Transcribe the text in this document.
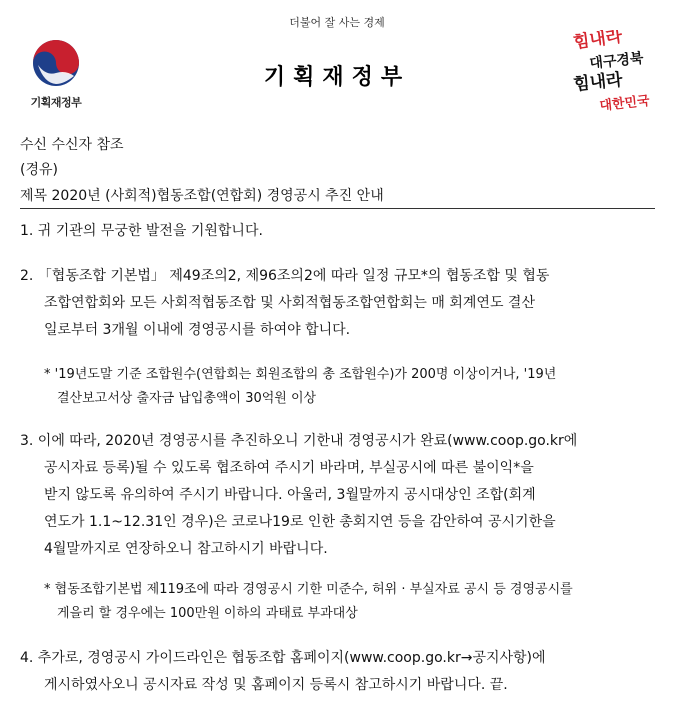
더불어 잘 사는 경제
기획재정부
기획재정부
힘내라
대구경북
힘내라
대한민국
수신 수신자 참조
(경유)
제목 2020년 (사회적)협동조합(연합회) 경영공시 추진 안내
1. 귀 기관의 무궁한 발전을 기원합니다.
2. 「협동조합 기본법」 제49조의2, 제96조의2에 따라 일정 규모*의 협동조합 및 협동
조합연합회와 모든 사회적협동조합 및 사회적협동조합연합회는 매 회계연도 결산
일로부터 3개월 이내에 경영공시를 하여야 합니다.
* '19년도말 기준 조합원수(연합회는 회원조합의 총 조합원수)가 200명 이상이거나, '19년
결산보고서상 출자금 납입총액이 30억원 이상
3. 이에 따라, 2020년 경영공시를 추진하오니 기한내 경영공시가 완료(www.coop.go.kr에
공시자료 등록)될 수 있도록 협조하여 주시기 바라며, 부실공시에 따른 불이익*을
받지 않도록 유의하여 주시기 바랍니다. 아울러, 3월말까지 공시대상인 조합(회계
연도가 1.1~12.31인 경우)은 코로나19로 인한 총회지연 등을 감안하여 공시기한을
4월말까지로 연장하오니 참고하시기 바랍니다.
* 협동조합기본법 제119조에 따라 경영공시 기한 미준수, 허위 · 부실자료 공시 등 경영공시를
게을리 할 경우에는 100만원 이하의 과태료 부과대상
4. 추가로, 경영공시 가이드라인은 협동조합 홈페이지(www.coop.go.kr→공지사항)에
게시하였사오니 공시자료 작성 및 홈페이지 등록시 참고하시기 바랍니다. 끝.
